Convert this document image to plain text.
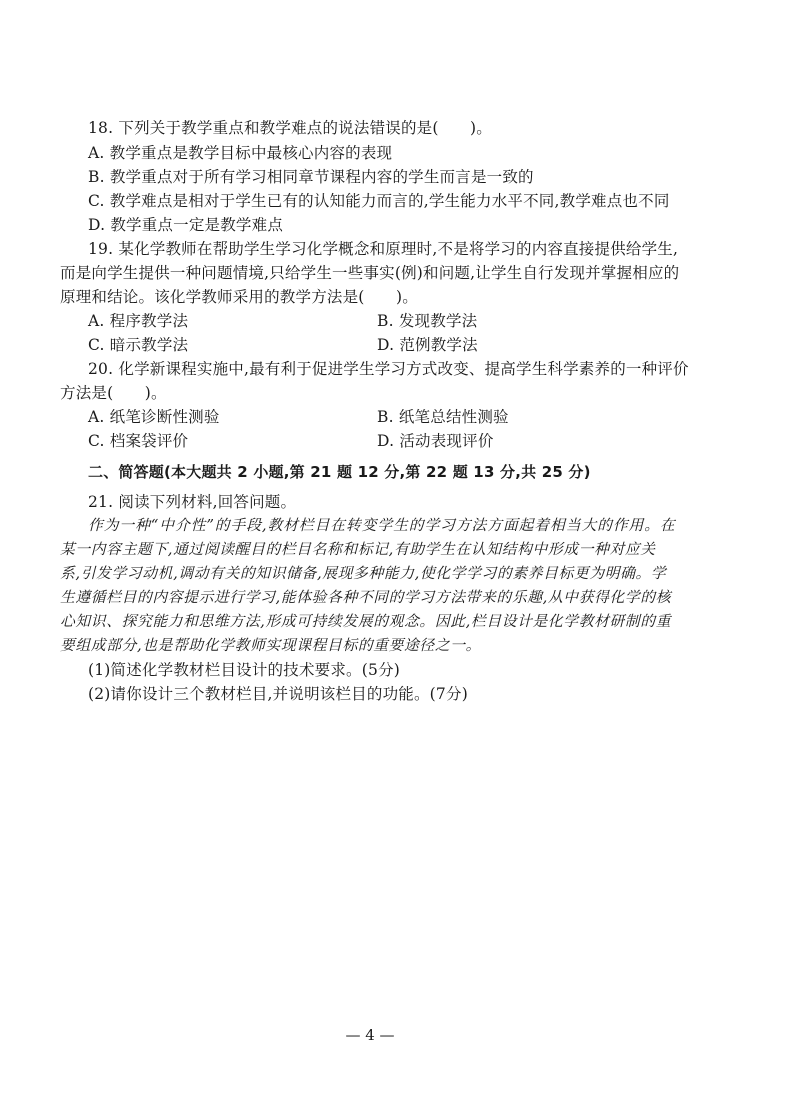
18. 下列关于教学重点和教学难点的说法错误的是(　　)。
A. 教学重点是教学目标中最核心内容的表现
B. 教学重点对于所有学习相同章节课程内容的学生而言是一致的
C. 教学难点是相对于学生已有的认知能力而言的,学生能力水平不同,教学难点也不同
D. 教学重点一定是教学难点
19. 某化学教师在帮助学生学习化学概念和原理时,不是将学习的内容直接提供给学生,
而是向学生提供一种问题情境,只给学生一些事实(例)和问题,让学生自行发现并掌握相应的
原理和结论。该化学教师采用的教学方法是(　　)。
A. 程序教学法	B. 发现教学法
C. 暗示教学法	D. 范例教学法
20. 化学新课程实施中,最有利于促进学生学习方式改变、提高学生科学素养的一种评价
方法是(　　)。
A. 纸笔诊断性测验	B. 纸笔总结性测验
C. 档案袋评价	D. 活动表现评价
二、简答题(本大题共 2 小题,第 21 题 12 分,第 22 题 13 分,共 25 分)
21. 阅读下列材料,回答问题。
作为一种“中介性”的手段,教材栏目在转变学生的学习方法方面起着相当大的作用。在
某一内容主题下,通过阅读醒目的栏目名称和标记,有助学生在认知结构中形成一种对应关
系,引发学习动机,调动有关的知识储备,展现多种能力,使化学学习的素养目标更为明确。学
生遵循栏目的内容提示进行学习,能体验各种不同的学习方法带来的乐趣,从中获得化学的核
心知识、探究能力和思维方法,形成可持续发展的观念。因此,栏目设计是化学教材研制的重
要组成部分,也是帮助化学教师实现课程目标的重要途径之一。
(1)简述化学教材栏目设计的技术要求。(5分)
(2)请你设计三个教材栏目,并说明该栏目的功能。(7分)
— 4 —
